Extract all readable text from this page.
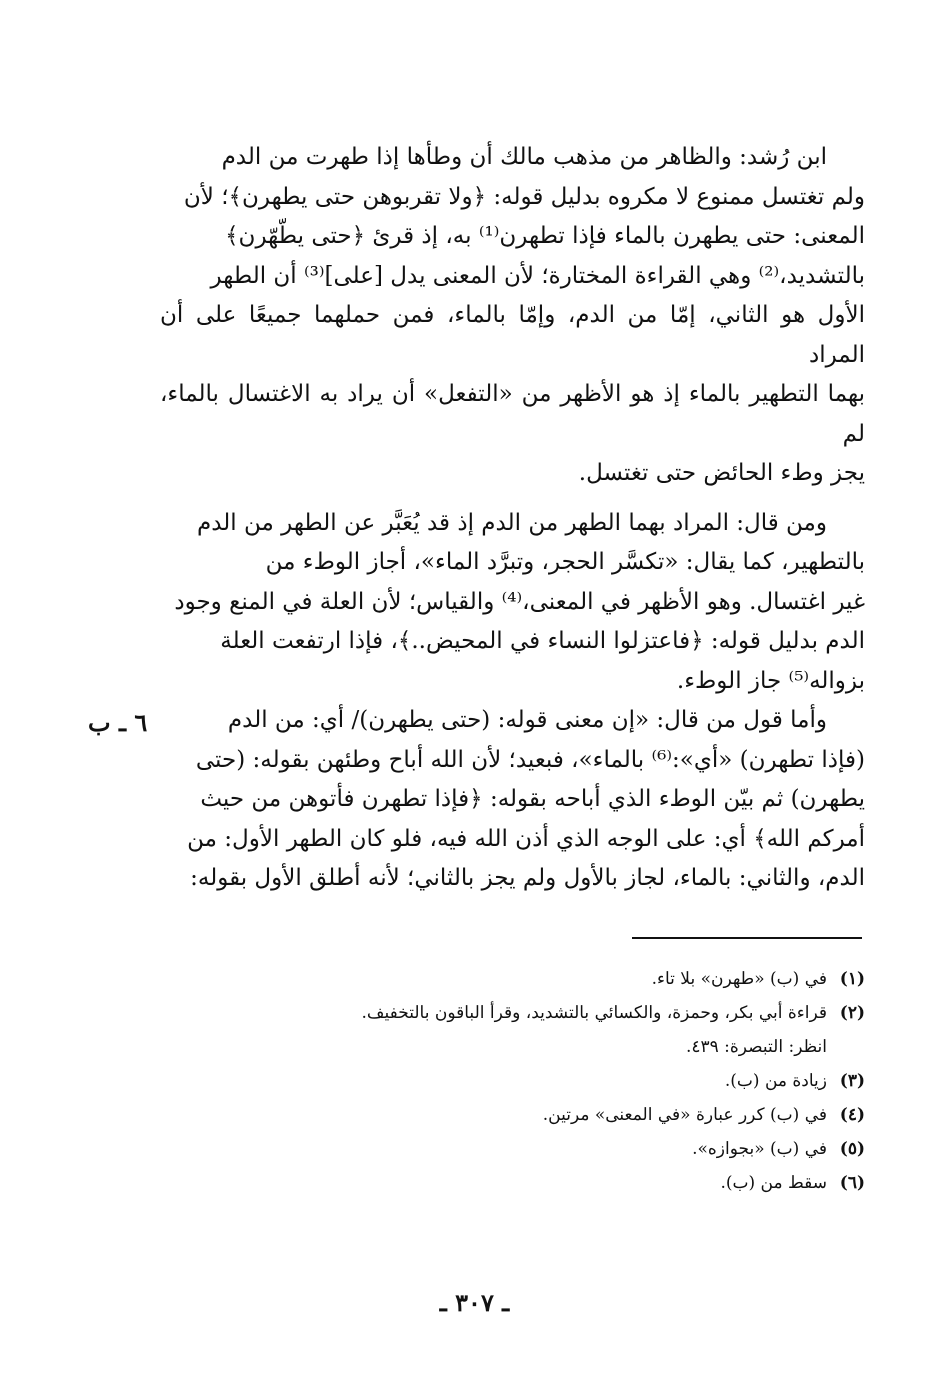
ابن رُشد: والظاهر من مذهب مالك أن وطأها إذا طهرت من الدم

ولم تغتسل ممنوع لا مكروه بدليل قوله: ﴿ولا تقربوهن حتى يطهرن﴾؛ لأن

المعنى: حتى يطهرن بالماء فإذا تطهرن⁽¹⁾ به، إذ قرئ ﴿حتى يطّهّرن﴾

بالتشديد،⁽²⁾ وهي القراءة المختارة؛ لأن المعنى يدل [على]⁽³⁾ أن الطهر

الأول هو الثاني، إمّا من الدم، وإمّا بالماء، فمن حملهما جميعًا على أن المراد

بهما التطهير بالماء إذ هو الأظهر من «التفعل» أن يراد به الاغتسال بالماء، لم

يجز وطء الحائض حتى تغتسل.

ومن قال: المراد بهما الطهر من الدم إذ قد يُعَبَّر عن الطهر من الدم

بالتطهير، كما يقال: «تكسَّر الحجر، وتبرَّد الماء»، أجاز الوطء من

غير اغتسال. وهو الأظهر في المعنى،⁽⁴⁾ والقياس؛ لأن العلة في المنع وجود

الدم بدليل قوله: ﴿فاعتزلوا النساء في المحيض..﴾، فإذا ارتفعت العلة

بزواله⁽⁵⁾ جاز الوطء.

وأما قول من قال: «إن معنى قوله: (حتى يطهرن)/ أي: من الدم

(فإذا تطهرن) «أي»:⁽⁶⁾ بالماء»، فبعيد؛ لأن الله أباح وطئهن بقوله: (حتى

يطهرن) ثم بيّن الوطء الذي أباحه بقوله: ﴿فإذا تطهرن فأتوهن من حيث

أمركم الله﴾ أي: على الوجه الذي أذن الله فيه، فلو كان الطهر الأول: من

الدم، والثاني: بالماء، لجاز بالأول ولم يجز بالثاني؛ لأنه أطلق الأول بقوله:

٦ ـ ب
(١)
في (ب) «طهرن» بلا تاء.
(٢)
قراءة أبي بكر، وحمزة، والكسائي بالتشديد، وقرأ الباقون بالتخفيف.
انظر: التبصرة: ٤٣٩.
(٣)
زيادة من (ب).
(٤)
في (ب) كرر عبارة «في المعنى» مرتين.
(٥)
في (ب) «بجوازه».
(٦)
سقط من (ب).
ـ ٣٠٧ ـ
